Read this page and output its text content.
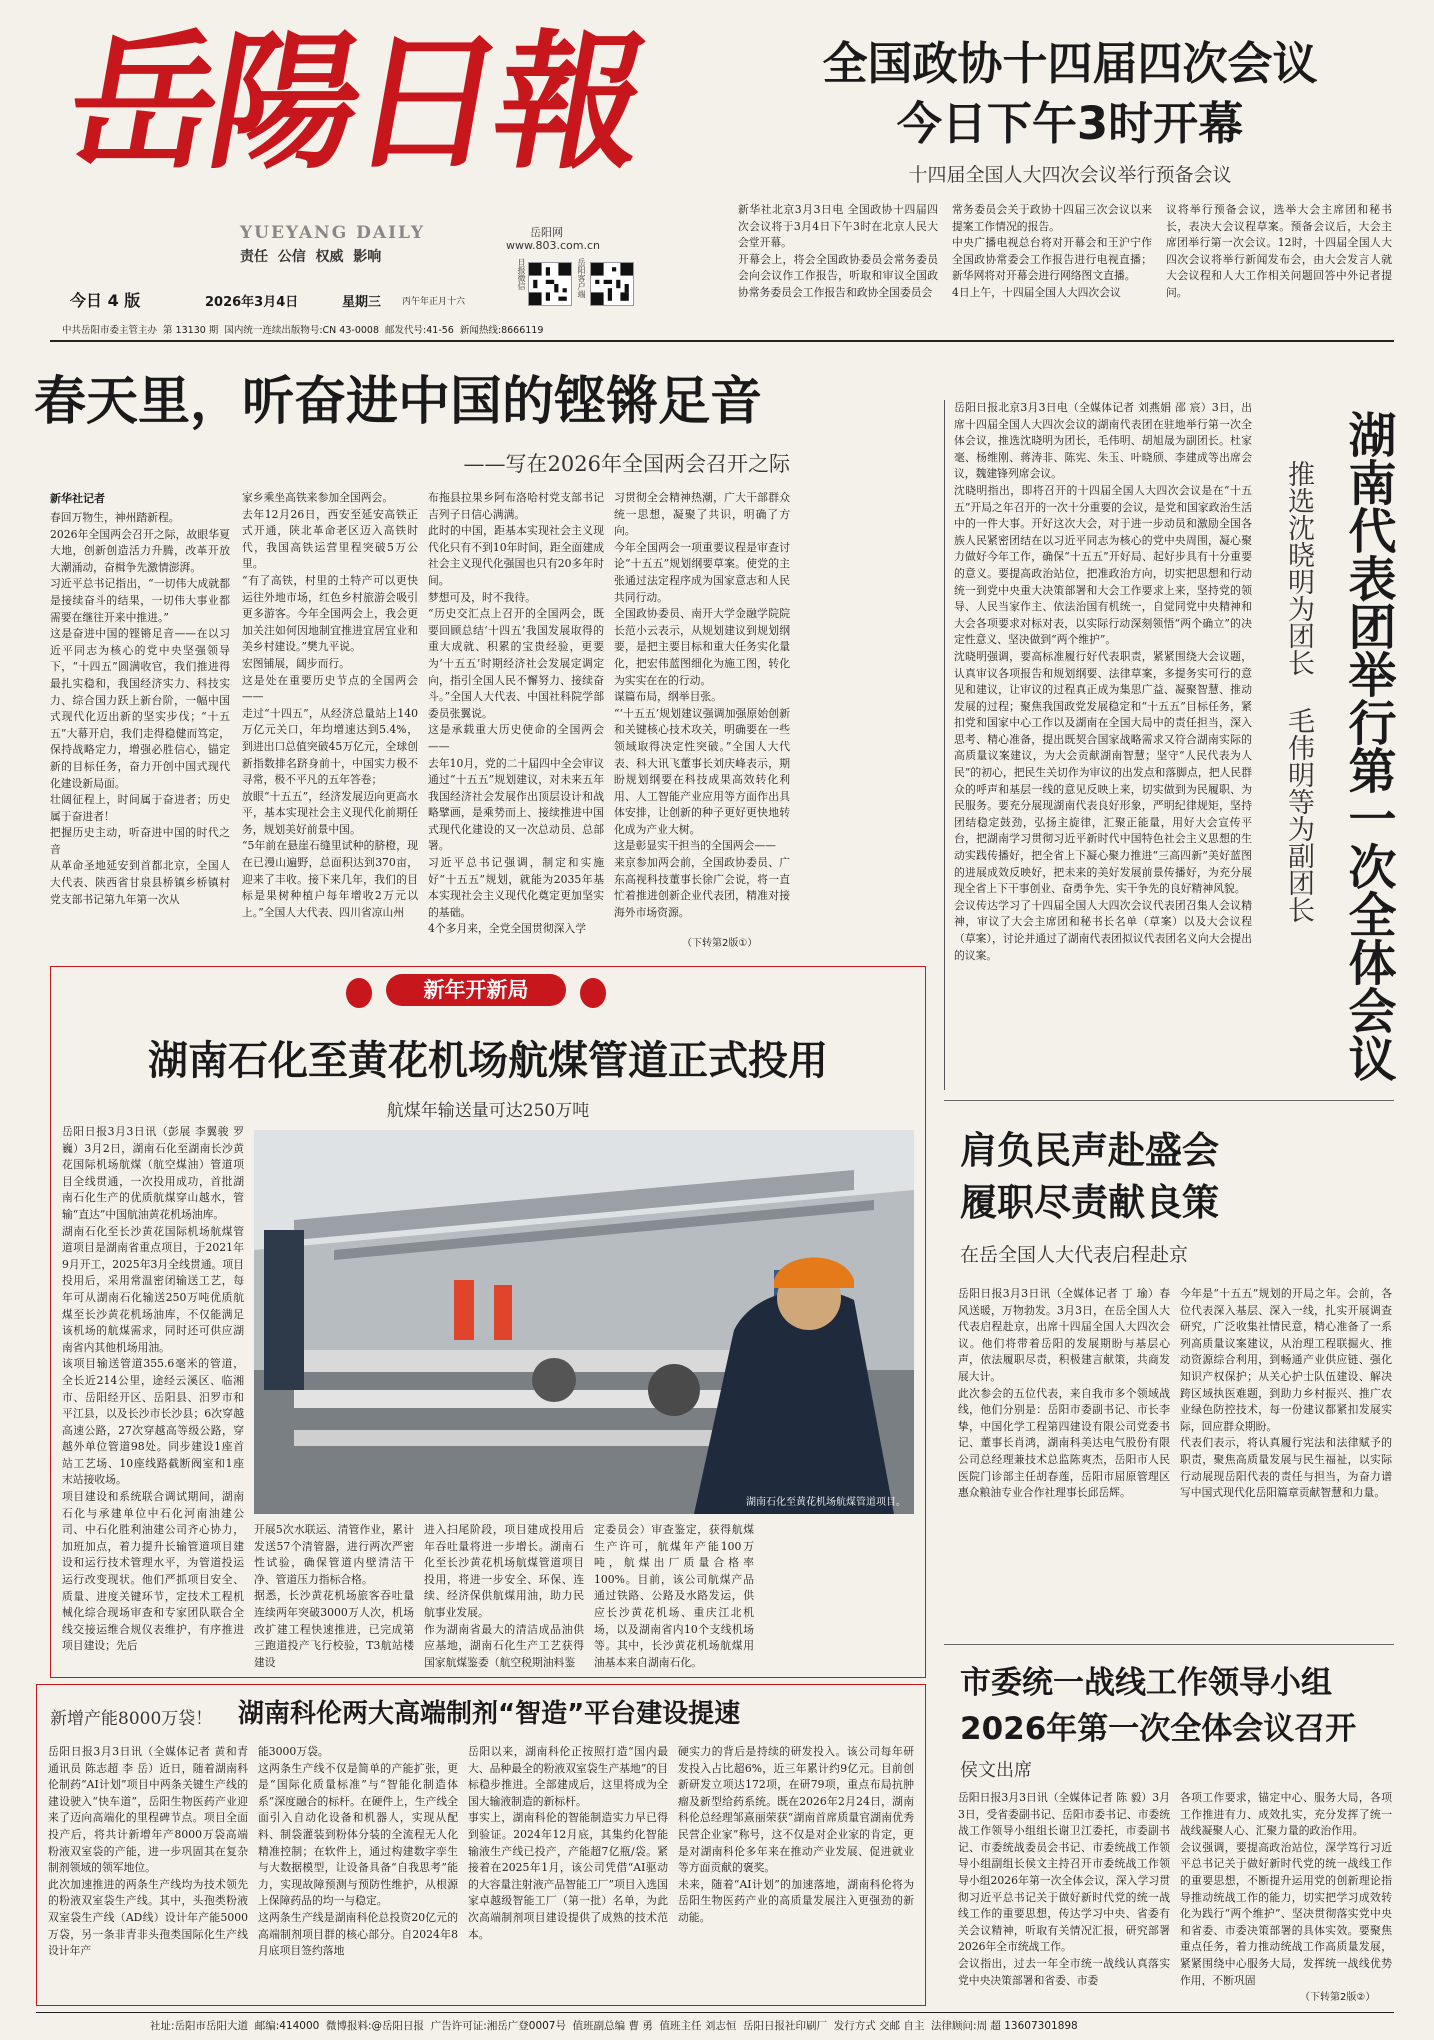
岳陽日報
YUEYANG DAILY
责任  公信  权威  影响
岳阳网
www.803.com.cn
日报微信	岳阳客户端
今日 4 版	2026年3月4日	星期三 丙午年正月十六
中共岳阳市委主管主办  第 13130 期  国内统一连续出版物号:CN 43-0008  邮发代号:41-56  新闻热线:8666119
全国政协十四届四次会议
今日下午3时开幕
十四届全国人大四次会议举行预备会议
新华社北京3月3日电 全国政协十四届四次会议将于3月4日下午3时在北京人民大会堂开幕。
开幕会上，将会全国政协委员会常务委员会向会议作工作报告，听取和审议全国政协常务委员会工作报告和政协全国委员会
常务委员会关于政协十四届三次会议以来提案工作情况的报告。
中央广播电视总台将对开幕会和王沪宁作全国政协常委会工作报告进行电视直播；新华网将对开幕会进行网络图文直播。
4日上午，十四届全国人大四次会议
议将举行预备会议，选举大会主席团和秘书长，表决大会议程草案。预备会议后，大会主席团举行第一次会议。12时，十四届全国人大四次会议将举行新闻发布会，由大会发言人就大会议程和人大工作相关问题回答中外记者提问。
春天里，听奋进中国的铿锵足音
——写在2026年全国两会召开之际
新华社记者
春回万物生，神州踏新程。
2026年全国两会召开之际，故眼华夏大地，创新创造活力升腾，改革开放大潮涌动，奋楫争先激情澎湃。
习近平总书记指出，“一切伟大成就都是接续奋斗的结果，一切伟大事业都需要在继往开来中推进。”
这是奋进中国的铿锵足音——在以习近平同志为核心的党中央坚强领导下，“十四五”圆满收官，我们推进得最扎实稳和，我国经济实力、科技实力、综合国力跃上新台阶，一幅中国式现代化迈出新的坚实步伐；“十五五”大幕开启，我们走得稳健而笃定，保持战略定力，增强必胜信心，锚定新的目标任务，奋力开创中国式现代化建设新局面。
壮阔征程上，时间属于奋进者；历史属于奋进者！
把握历史主动，听奋进中国的时代之音
从革命圣地延安到首都北京，全国人大代表、陕西省甘泉县桥镇乡桥镇村党支部书记第九年第一次从
家乡乘坐高铁来参加全国两会。
去年12月26日，西安至延安高铁正式开通，陕北革命老区迈入高铁时代，我国高铁运营里程突破5万公里。
“有了高铁，村里的土特产可以更快运往外地市场，红色乡村旅游会吸引更多游客。今年全国两会上，我会更加关注如何因地制宜推进宜居宜业和美乡村建设。”樊九平说。
宏图铺展，阔步而行。
这是处在重要历史节点的全国两会——
走过“十四五”，从经济总量站上140万亿元关口，年均增速达到5.4%，到进出口总值突破45万亿元，全球创新指数排名跻身前十，中国实力极不寻常，极不平凡的五年答卷；
放眼“十五五”，经济发展迈向更高水平，基本实现社会主义现代化前期任务，规划美好前景中国。
“5年前在悬崖石缝里试种的脐橙，现在已漫山遍野，总面积达到370亩，迎来了丰收。接下来几年，我们的目标是果树种植户每年增收2万元以上。”全国人大代表、四川省凉山州
布拖县拉果乡阿布洛哈村党支部书记吉列子日信心满满。
此时的中国，距基本实现社会主义现代化只有不到10年时间，距全面建成社会主义现代化强国也只有20多年时间。
梦想可及，时不我待。
“历史交汇点上召开的全国两会，既要回顾总结‘十四五’我国发展取得的重大成就、积累的宝贵经验，更要为‘十五五’时期经济社会发展定调定向，指引全国人民不懈努力、接续奋斗。”全国人大代表、中国社科院学部委员张翼说。
这是承载重大历史使命的全国两会——
去年10月，党的二十届四中全会审议通过“十五五”规划建议，对未来五年我国经济社会发展作出顶层设计和战略擘画，是乘势而上、接续推进中国式现代化建设的又一次总动员、总部署。
习近平总书记强调，制定和实施好“十五五”规划，就能为2035年基本实现社会主义现代化奠定更加坚实的基础。
4个多月来，全党全国贯彻深入学
习贯彻全会精神热潮，广大干部群众统一思想，凝聚了共识，明确了方向。
今年全国两会一项重要议程是审查讨论“十五五”规划纲要草案。使党的主张通过法定程序成为国家意志和人民共同行动。
全国政协委员、南开大学金融学院院长范小云表示，从规划建议到规划纲要，是把主要目标和重大任务实化量化，把宏伟蓝图细化为施工图，转化为实实在在的行动。
谋篇布局，纲举目张。
“‘十五五’规划建议强调加强原始创新和关键核心技术攻关，明确要在一些领域取得决定性突破。”全国人大代表、科大讯飞董事长刘庆峰表示，期盼规划纲要在科技成果高效转化利用、人工智能产业应用等方面作出具体安排，让创新的种子更好更快地转化成为产业大树。
这是彰显实干担当的全国两会——
来京参加两会前，全国政协委员、广东高视科技董事长徐广会说，将一直忙着推进创新企业代表团，精准对接海外市场资源。
（下转第2版①）
岳阳日报北京3月3日电（全媒体记者 刘燕娟 邵 宸）3日，出席十四届全国人大四次会议的湖南代表团在驻地举行第一次全体会议，推选沈晓明为团长，毛伟明、胡旭晟为副团长。杜家毫、杨维刚、蒋涛非、陈宪、朱玉、叶晓颀、李建成等出席会议，魏建锋列席会议。
沈晓明指出，即将召开的十四届全国人大四次会议是在“十五五”开局之年召开的一次十分重要的会议，是党和国家政治生活中的一件大事。开好这次大会，对于进一步动员和激励全国各族人民紧密团结在以习近平同志为核心的党中央周围，凝心聚力做好今年工作，确保“十五五”开好局、起好步具有十分重要的意义。要提高政治站位，把准政治方向，切实把思想和行动统一到党中央重大决策部署和大会工作要求上来，坚持党的领导、人民当家作主、依法治国有机统一，自觉同党中央精神和大会各项要求对标对表，以实际行动深刻领悟“两个确立”的决定性意义、坚决做到“两个维护”。
沈晓明强调，要高标准履行好代表职责，紧紧围绕大会议题，认真审议各项报告和规划纲要、法律草案，多提务实可行的意见和建议，让审议的过程真正成为集思广益、凝聚智慧、推动发展的过程；聚焦我国政党发展稳定和“十五五”目标任务，紧扣党和国家中心工作以及湖南在全国大局中的责任担当，深入思考、精心准备，提出既契合国家战略需求又符合湖南实际的高质量议案建议，为大会贡献湖南智慧；坚守“人民代表为人民”的初心，把民生关切作为审议的出发点和落脚点，把人民群众的呼声和基层一线的意见反映上来，切实做到为民履职、为民服务。要充分展现湖南代表良好形象，严明纪律规矩，坚持团结稳定鼓劲，弘扬主旋律，汇聚正能量，用好大会宣传平台，把湖南学习贯彻习近平新时代中国特色社会主义思想的生动实践传播好，把全省上下凝心聚力推进“三高四新”美好蓝图的进展成效反映好，把未来的美好发展前景传播好，为充分展现全省上下干事创业、奋勇争先、实干争先的良好精神风貌。
会议传达学习了十四届全国人大四次会议代表团召集人会议精神，审议了大会主席团和秘书长名单（草案）以及大会议程（草案），讨论并通过了湖南代表团拟议代表团名义向大会提出的议案。	湖南代表团举行第一次全体会议
推选沈晓明为团长 毛伟明等为副团长
新年开新局
湖南石化至黄花机场航煤管道正式投用
航煤年输送量可达250万吨
岳阳日报3月3日讯（彭展 李翼骏 罗巍）3月2日，湖南石化至湖南长沙黄花国际机场航煤（航空煤油）管道项目全线贯通，一次投用成功，首批湖南石化生产的优质航煤穿山越水，管输“直达”中国航油黄花机场油库。
湖南石化至长沙黄花国际机场航煤管道项目是湖南省重点项目，于2021年9月开工，2025年3月全线贯通。项目投用后，采用常温密闭输送工艺，每年可从湖南石化输送250万吨优质航煤至长沙黄花机场油库，不仅能满足该机场的航煤需求，同时还可供应湖南省内其他机场用油。
该项目输送管道355.6毫米的管道，全长近214公里，途经云溪区、临湘市、岳阳经开区、岳阳县、汨罗市和平江县，以及长沙市长沙县；6次穿越高速公路，27次穿越高等级公路，穿越外单位管道98处。同步建设1座首站工艺场、10座线路截断阀室和1座末站接收场。
项目建设和系统联合调试期间，湖南石化与承建单位中石化河南油建公司、中石化胜利油建公司齐心协力，加班加点，着力提升长输管道项目建设和运行技术管理水平，为管道投运运行改变现状。他们严抓项目安全、质量、进度关键环节，定技术工程机械化综合现场审查和专家团队联合全线交接运维合规仪表维护，有序推进项目建设；先后
湖南石化至黄花机场航煤管道项目。
开展5次水联运、清管作业，累计发送57个清管器，进行两次严密性试验，确保管道内壁清洁干净、管道压力指标合格。
据悉，长沙黄花机场旅客吞吐量连续两年突破3000万人次，机场改扩建工程快速推进，已完成第三跑道投产飞行校验，T3航站楼建设
进入扫尾阶段，项目建成投用后年吞吐量将进一步增长。湖南石化至长沙黄花机场航煤管道项目投用，将进一步安全、环保、连续、经济保供航煤用油，助力民航事业发展。
作为湖南省最大的清洁成品油供应基地，湖南石化生产工艺获得国家航煤鉴委（航空税期油料鉴
定委员会）审查鉴定，获得航煤生产许可，航煤年产能100万吨，航煤出厂质量合格率100%。目前，该公司航煤产品通过铁路、公路及水路发运，供应长沙黄花机场、重庆江北机场，以及湖南省内10个支线机场等。其中，长沙黄花机场航煤用油基本来自湖南石化。
新增产能8000万袋！ 湖南科伦两大高端制剂“智造”平台建设提速
岳阳日报3月3日讯（全媒体记者 黄和青 通讯员 陈志超 李 岳）近日，随着湖南科伦制药“AI计划”项目中两条关键生产线的建设驶入“快车道”，岳阳生物医药产业迎来了迈向高端化的里程碑节点。项目全面投产后，将共计新增年产8000万袋高端粉液双室袋的产能，进一步巩固其在复杂制剂领域的领军地位。
此次加速推进的两条生产线均为技术领先的粉液双室袋生产线。其中，头孢类粉液双室袋生产线（AD线）设计年产能5000万袋，另一条非青非头孢类国际化生产线设计年产
能3000万袋。
这两条生产线不仅是简单的产能扩张，更是“国际化质量标准”与“智能化制造体系”深度融合的标杆。在硬件上，生产线全面引入自动化设备和机器人，实现从配料、制袋灌装到粉体分装的全流程无人化精准控制；在软件上，通过构建数字孪生与大数据模型，让设备具备“自我思考”能力，实现故障预测与预防性维护，从根源上保障药品的均一与稳定。
这两条生产线是湖南科伦总投资20亿元的高端制剂项目群的核心部分。自2024年8月底项目签约落地
岳阳以来，湖南科伦正按照打造“国内最大、品种最全的粉液双室袋生产基地”的目标稳步推进。全部建成后，这里将成为全国大输液制造的新标杆。
事实上，湖南科伦的智能制造实力早已得到验证。2024年12月底，其集约化智能输液生产线已投产，产能超7亿瓶/袋。紧接着在2025年1月，该公司凭借“AI驱动的大容量注射液产品智能工厂”项目入选国家卓越级智能工厂（第一批）名单，为此次高端制剂项目建设提供了成熟的技术范本。
硬实力的背后是持续的研发投入。该公司每年研发投入占比超6%，近三年累计约9亿元。目前创新研发立项达172项，在研79项，重点布局抗肿瘤及新型给药系统。既在2026年2月24日，湖南科伦总经理邹熹丽荣获“湖南首席质量官湖南优秀民营企业家”称号，这不仅是对企业家的肯定，更是对湖南科伦多年来在推动产业发展、促进就业等方面贡献的褒奖。
未来，随着“AI计划”的加速落地，湖南科伦将为岳阳生物医药产业的高质量发展注入更强劲的新动能。
肩负民声赴盛会
履职尽责献良策
在岳全国人大代表启程赴京
岳阳日报3月3日讯（全媒体记者 丁 瑜）春风送暖，万物勃发。3月3日，在岳全国人大代表启程赴京，出席十四届全国人大四次会议。他们将带着岳阳的发展期盼与基层心声，依法履职尽责，积极建言献策，共商发展大计。
此次参会的五位代表，来自我市多个领域战线，他们分别是：岳阳市委副书记、市长李挚，中国化学工程第四建设有限公司党委书记、董事长肖鸿，湖南科美达电气股份有限公司总经理兼技术总监陈爽杰，岳阳市人民医院门诊部主任胡春莲，岳阳市屈原管理区惠众粮油专业合作社理事长邱岳辉。
今年是“十五五”规划的开局之年。会前，各位代表深入基层、深入一线，扎实开展调查研究，广泛收集社情民意，精心准备了一系列高质量议案建议，从治理工程联掘火、推动资源综合利用，到畅通产业供应链、强化知识产权保护；从关心护士队伍建设、解决跨区域执医难题，到助力乡村振兴、推广农业绿色防控技术，每一份建议都紧扣发展实际，回应群众期盼。
代表们表示，将认真履行宪法和法律赋予的职责，聚焦高质量发展与民生福祉，以实际行动展现岳阳代表的责任与担当，为奋力谱写中国式现代化岳阳篇章贡献智慧和力量。
市委统一战线工作领导小组
2026年第一次全体会议召开
侯文出席
岳阳日报3月3日讯（全媒体记者 陈 毅）3月3日，受省委副书记、岳阳市委书记、市委统战工作领导小组组长谢卫江委托，市委副书记、市委统战委员会书记、市委统战工作领导小组副组长侯文主持召开市委统战工作领导小组2026年第一次全体会议，深入学习贯彻习近平总书记关于做好新时代党的统一战线工作的重要思想，传达学习中央、省委有关会议精神，听取有关情况汇报，研究部署2026年全市统战工作。
会议指出，过去一年全市统一战线认真落实党中央决策部署和省委、市委
各项工作要求，锚定中心、服务大局，各项工作推进有力、成效扎实，充分发挥了统一战线凝聚人心、汇聚力量的政治作用。
会议强调，要提高政治站位，深学笃行习近平总书记关于做好新时代党的统一战线工作的重要思想，不断提升运用党的创新理论指导推动统战工作的能力，切实把学习成效转化为践行“两个维护”、坚决贯彻落实党中央和省委、市委决策部署的具体实效。要聚焦重点任务，着力推动统战工作高质量发展，紧紧围绕中心服务大局，发挥统一战线优势作用，不断巩固
（下转第2版②）
社址:岳阳市岳阳大道  邮编:414000  微博报料:@岳阳日报  广告许可证:湘岳广登0007号  值班副总编 曹 勇  值班主任 刘志恒  岳阳日报社印刷厂  发行方式 交邮 自主  法律顾问:周 超 13607301898
